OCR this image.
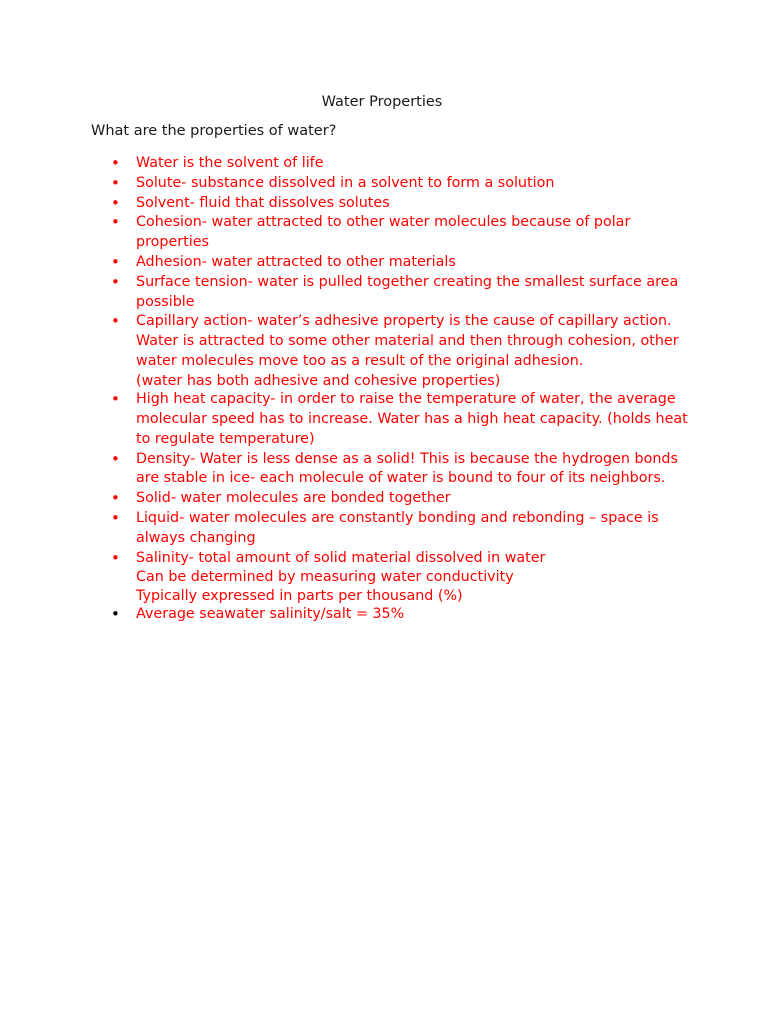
Water Properties
What are the properties of water?
• Water is the solvent of life
• Solute- substance dissolved in a solvent to form a solution
• Solvent- fluid that dissolves solutes
• Cohesion- water attracted to other water molecules because of polar properties
• Adhesion- water attracted to other materials
• Surface tension- water is pulled together creating the smallest surface area possible
• Capillary action- water’s adhesive property is the cause of capillary action. Water is attracted to some other material and then through cohesion, other water molecules move too as a result of the original adhesion.
(water has both adhesive and cohesive properties)
• High heat capacity- in order to raise the temperature of water, the average molecular speed has to increase. Water has a high heat capacity. (holds heat to regulate temperature)
• Density- Water is less dense as a solid! This is because the hydrogen bonds are stable in ice- each molecule of water is bound to four of its neighbors.
• Solid- water molecules are bonded together
• Liquid- water molecules are constantly bonding and rebonding – space is always changing
• Salinity- total amount of solid material dissolved in water
Can be determined by measuring water conductivity
Typically expressed in parts per thousand (%)
• Average seawater salinity/salt = 35%
